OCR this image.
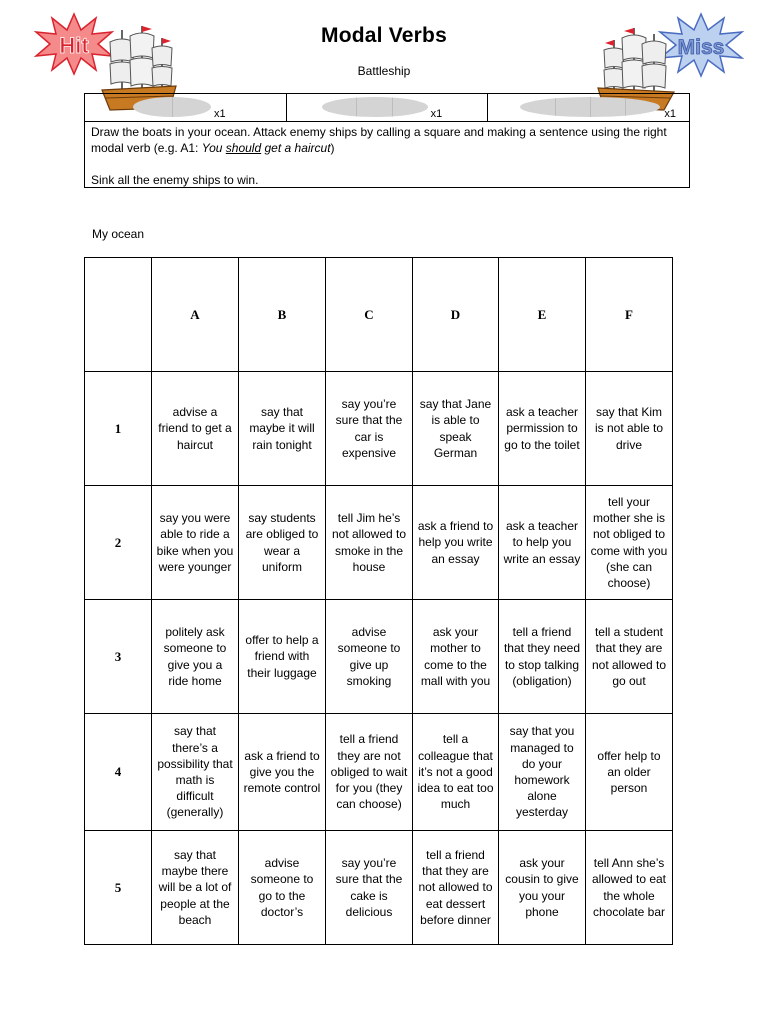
Hit	Miss
Modal Verbs
Battleship
x1	x1	x1

Draw the boats in your ocean. Attack enemy ships by calling a square and making a sentence using the right modal verb (e.g. A1: You should get a haircut)

Sink all the enemy ships to win.

My ocean
	A	B	C	D	E	F
1	advise a friend to get a haircut	say that maybe it will rain tonight	say you’re sure that the car is expensive	say that Jane is able to speak German	ask a teacher permission to go to the toilet	say that Kim is not able to drive
2	say you were able to ride a bike when you were younger	say students are obliged to wear a uniform	tell Jim he’s not allowed to smoke in the house	ask a friend to help you write an essay	ask a teacher to help you write an essay	tell your mother she is not obliged to come with you (she can choose)
3	politely ask someone to give you a ride home	offer to help a friend with their luggage	advise someone to give up smoking	ask your mother to come to the mall with you	tell a friend that they need to stop talking (obligation)	tell a student that they are not allowed to go out
4	say that there’s a possibility that math is difficult (generally)	ask a friend to give you the remote control	tell a friend they are not obliged to wait for you (they can choose)	tell a colleague that it’s not a good idea to eat too much	say that you managed to do your homework alone yesterday	offer help to an older person
5	say that maybe there will be a lot of people at the beach	advise someone to go to the doctor’s	say you’re sure that the cake is delicious	tell a friend that they are not allowed to eat dessert before dinner	ask your cousin to give you your phone	tell Ann she’s allowed to eat the whole chocolate bar
